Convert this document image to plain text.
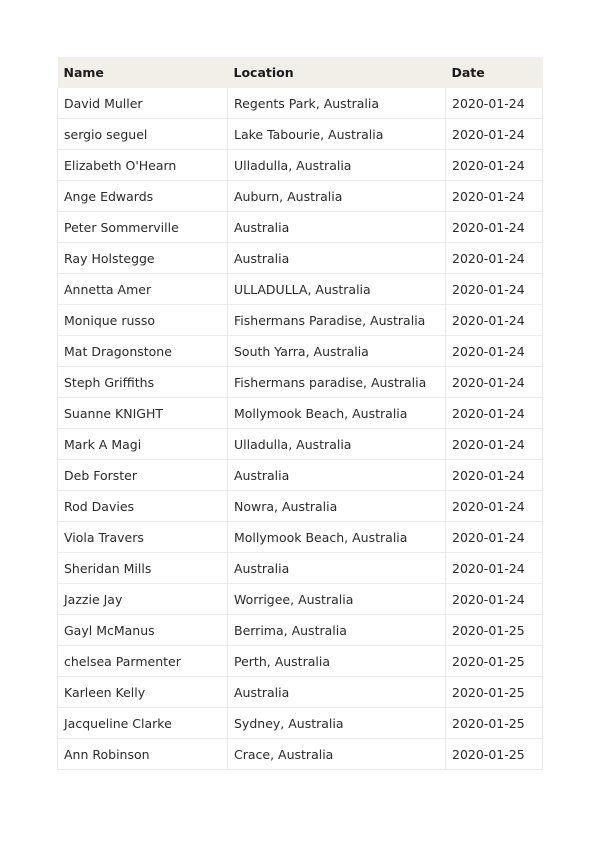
Name	Location	Date
David Muller	Regents Park, Australia	2020-01-24
sergio seguel	Lake Tabourie, Australia	2020-01-24
Elizabeth O'Hearn	Ulladulla, Australia	2020-01-24
Ange Edwards	Auburn, Australia	2020-01-24
Peter Sommerville	Australia	2020-01-24
Ray Holstegge	Australia	2020-01-24
Annetta Amer	ULLADULLA, Australia	2020-01-24
Monique russo	Fishermans Paradise, Australia	2020-01-24
Mat Dragonstone	South Yarra, Australia	2020-01-24
Steph Griffiths	Fishermans paradise, Australia	2020-01-24
Suanne KNIGHT	Mollymook Beach, Australia	2020-01-24
Mark A Magi	Ulladulla, Australia	2020-01-24
Deb Forster	Australia	2020-01-24
Rod Davies	Nowra, Australia	2020-01-24
Viola Travers	Mollymook Beach, Australia	2020-01-24
Sheridan Mills	Australia	2020-01-24
Jazzie Jay	Worrigee, Australia	2020-01-24
Gayl McManus	Berrima, Australia	2020-01-25
chelsea Parmenter	Perth, Australia	2020-01-25
Karleen Kelly	Australia	2020-01-25
Jacqueline Clarke	Sydney, Australia	2020-01-25
Ann Robinson	Crace, Australia	2020-01-25
